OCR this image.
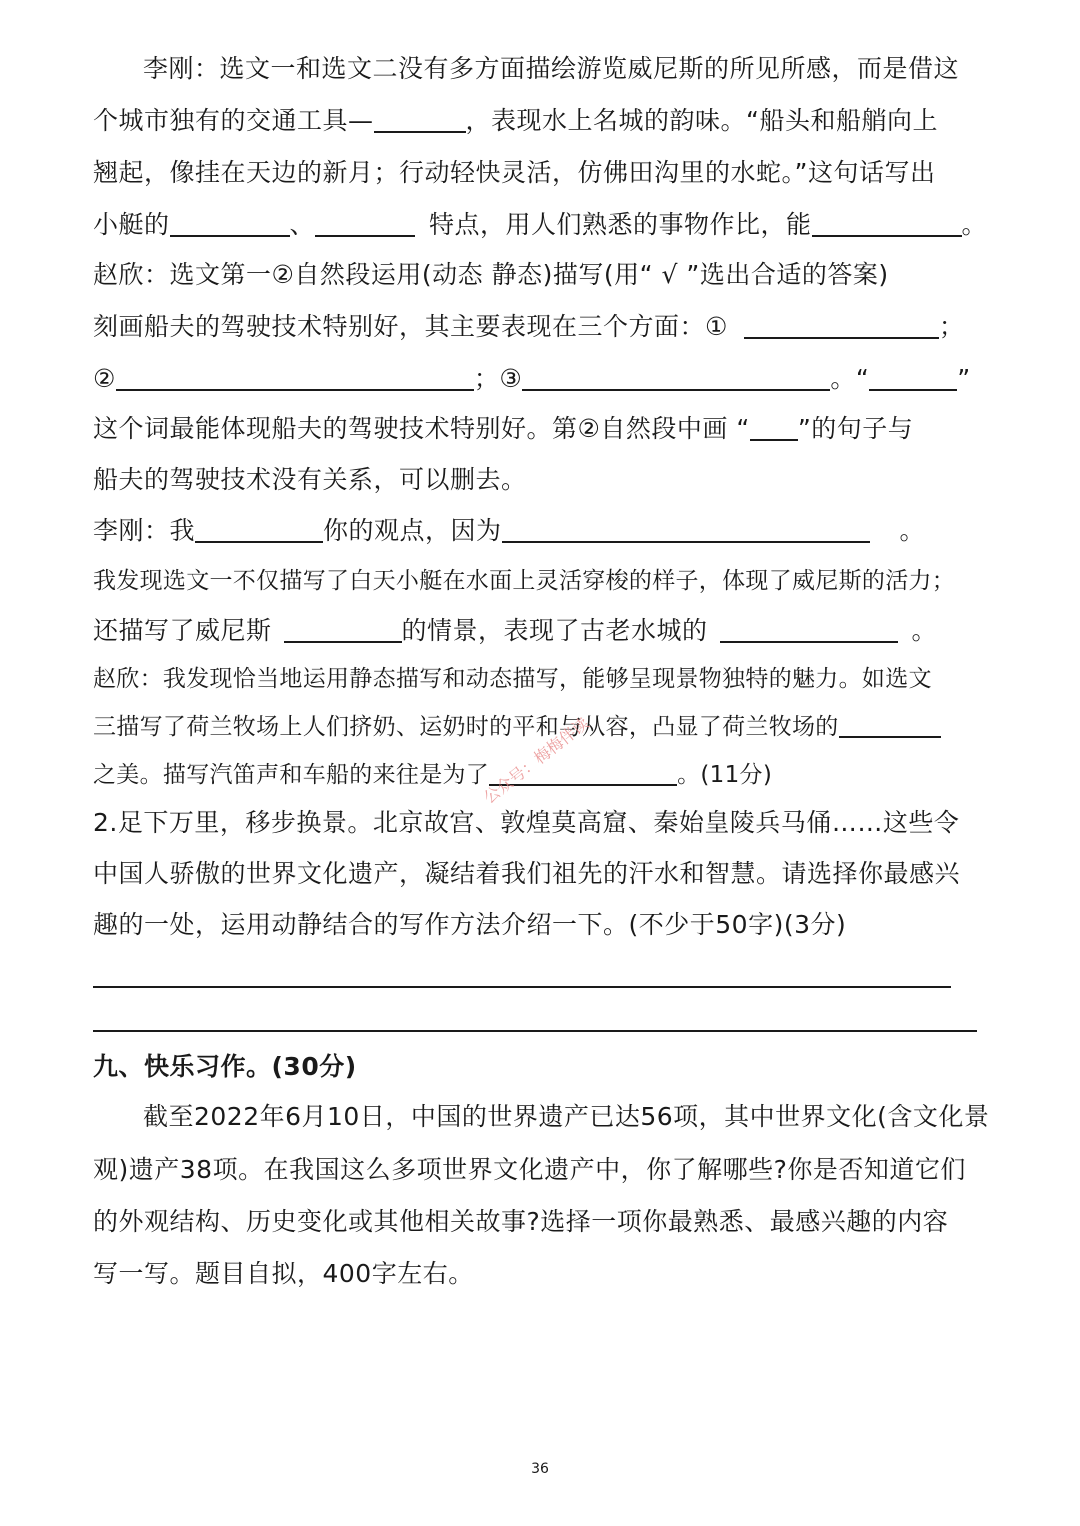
李刚：选文一和选文二没有多方面描绘游览威尼斯的所见所感，而是借这
个城市独有的交通工具—	，表现水上名城的韵味。“船头和船艄向上
翘起，像挂在天边的新月；行动轻快灵活，仿佛田沟里的水蛇。”这句话写出
小艇的	、	特点，用人们熟悉的事物作比，能	。
赵欣：选文第一②自然段运用(动态 静态)描写(用“ √ ”选出合适的答案)
刻画船夫的驾驶技术特别好，其主要表现在三个方面：①	；
②	；③	。“	”
这个词最能体现船夫的驾驶技术特别好。第②自然段中画 “ ”的句子与
船夫的驾驶技术没有关系，可以删去。
李刚：我	你的观点，因为	。
我发现选文一不仅描写了白天小艇在水面上灵活穿梭的样子，体现了威尼斯的活力；
还描写了威尼斯	的情景，表现了古老水城的	。
赵欣：我发现恰当地运用静态描写和动态描写，能够呈现景物独特的魅力。如选文
三描写了荷兰牧场上人们挤奶、运奶时的平和与从容，凸显了荷兰牧场的
之美。描写汽笛声和车船的来往是为了	。(11分)
2.足下万里，移步换景。北京故宫、敦煌莫高窟、秦始皇陵兵马俑……这些令
中国人骄傲的世界文化遗产，凝结着我们祖先的汗水和智慧。请选择你最感兴
趣的一处，运用动静结合的写作方法介绍一下。(不少于50字)(3分)
九、快乐习作。(30分)
截至2022年6月10日，中国的世界遗产已达56项，其中世界文化(含文化景
观)遗产38项。在我国这么多项世界文化遗产中，你了解哪些?你是否知道它们
的外观结构、历史变化或其他相关故事?选择一项你最熟悉、最感兴趣的内容
写一写。题目自拟，400字左右。
公众号：梅梅伴读
36
